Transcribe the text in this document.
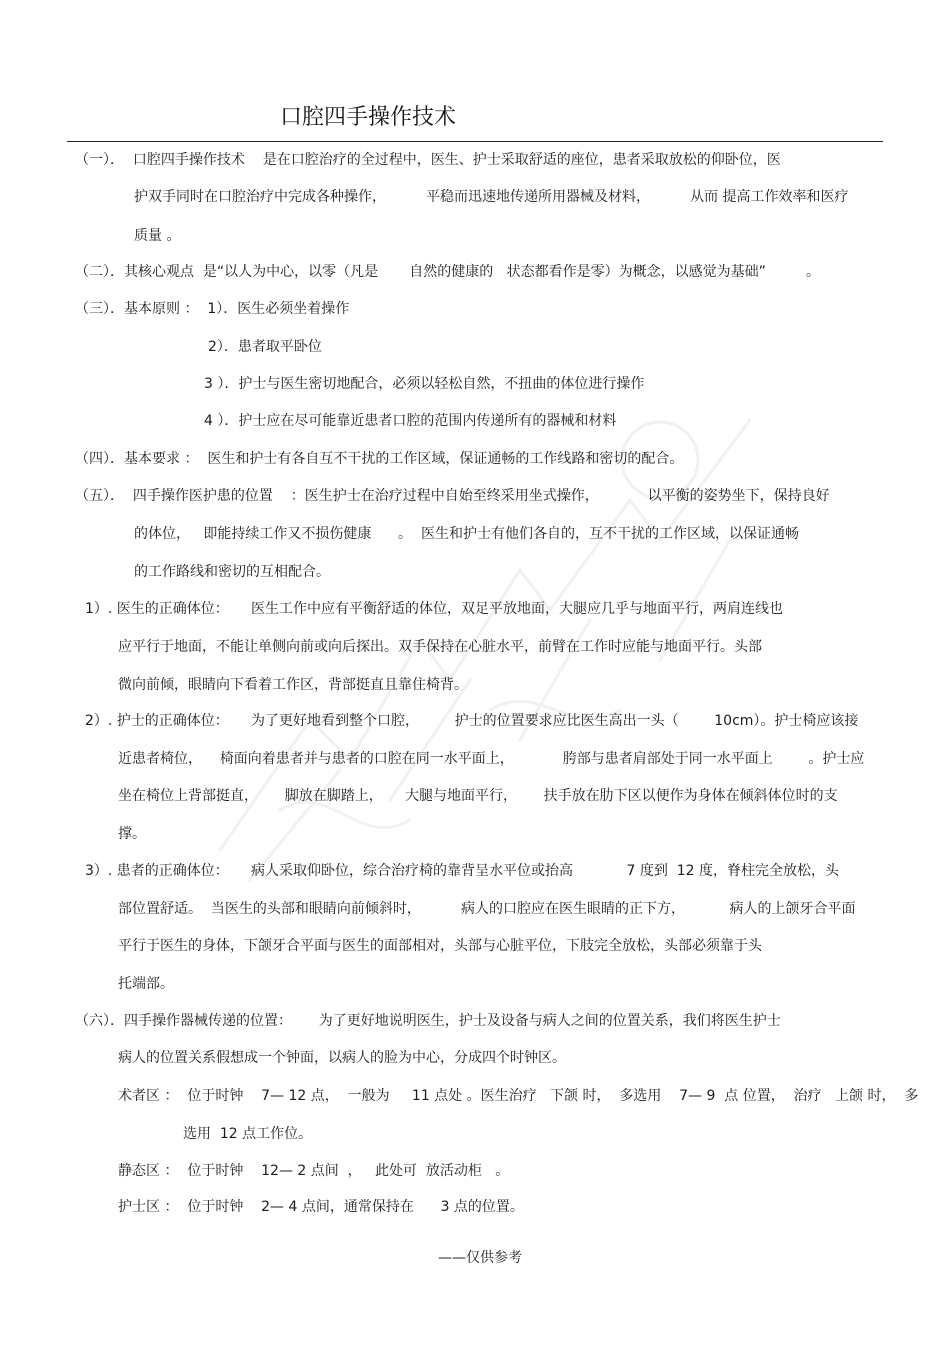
口腔四手操作技术
（一）．  口腔四手操作技术    是在口腔治疗的全过程中，医生、护士采取舒适的座位，患者采取放松的仰卧位，医
护双手同时在口腔治疗中完成各种操作，         平稳而迅速地传递所用器械及材料，         从而 提高工作效率和医疗
质量 。
（二）．其核心观点  是“以人为中心，以零（凡是       自然的健康的   状态都看作是零）为概念，以感觉为基础”         。
（三）．基本原则 ：  1）．医生必须坐着操作
2）．患者取平卧位
3 ）．护士与医生密切地配合，必须以轻松自然，不扭曲的体位进行操作
4 ）．护士应在尽可能靠近患者口腔的范围内传递所有的器械和材料
（四）．基本要求 ：  医生和护士有各自互不干扰的工作区域，保证通畅的工作线路和密切的配合。
（五）．  四手操作医护患的位置    ：医生护士在治疗过程中自始至终采用坐式操作，           以平衡的姿势坐下，保持良好
的体位，   即能持续工作又不损伤健康      。  医生和护士有他们各自的，互不干扰的工作区域，以保证通畅
的工作路线和密切的互相配合。
1）. 医生的正确体位：     医生工作中应有平衡舒适的体位，双足平放地面，大腿应几乎与地面平行，两肩连线也
应平行于地面，不能让单侧向前或向后探出。双手保持在心脏水平，前臂在工作时应能与地面平行。头部
微向前倾，眼睛向下看着工作区，背部挺直且靠住椅背。
2）. 护士的正确体位：     为了更好地看到整个口腔，        护士的位置要求应比医生高出一头（        10cm）。护士椅应该接
近患者椅位，    椅面向着患者并与患者的口腔在同一水平面上，           胯部与患者肩部处于同一水平面上        。护士应
坐在椅位上背部挺直，      脚放在脚踏上，     大腿与地面平行，      扶手放在肋下区以便作为身体在倾斜体位时的支
撑。
3）. 患者的正确体位：     病人采取仰卧位，综合治疗椅的靠背呈水平位或抬高            7 度到  12 度，脊柱完全放松，头
部位置舒适。  当医生的头部和眼睛向前倾斜时，         病人的口腔应在医生眼睛的正下方，          病人的上颌牙合平面
平行于医生的身体，下颌牙合平面与医生的面部相对，头部与心脏平位，下肢完全放松，头部必须靠于头
托端部。
（六）．四手操作器械传递的位置：      为了更好地说明医生，护士及设备与病人之间的位置关系，我们将医生护士
病人的位置关系假想成一个钟面，以病人的脸为中心，分成四个时钟区。
术者区 ：  位于时钟    7— 12 点，  一般为     11 点处 。医生治疗   下颌 时，  多选用    7— 9  点 位置，  治疗   上颌 时，  多
选用  12 点工作位。
静态区 ：  位于时钟    12— 2 点间  ，   此处可  放活动柜   。
护士区 ：  位于时钟    2— 4 点间，通常保持在      3 点的位置。
——仅供参考
